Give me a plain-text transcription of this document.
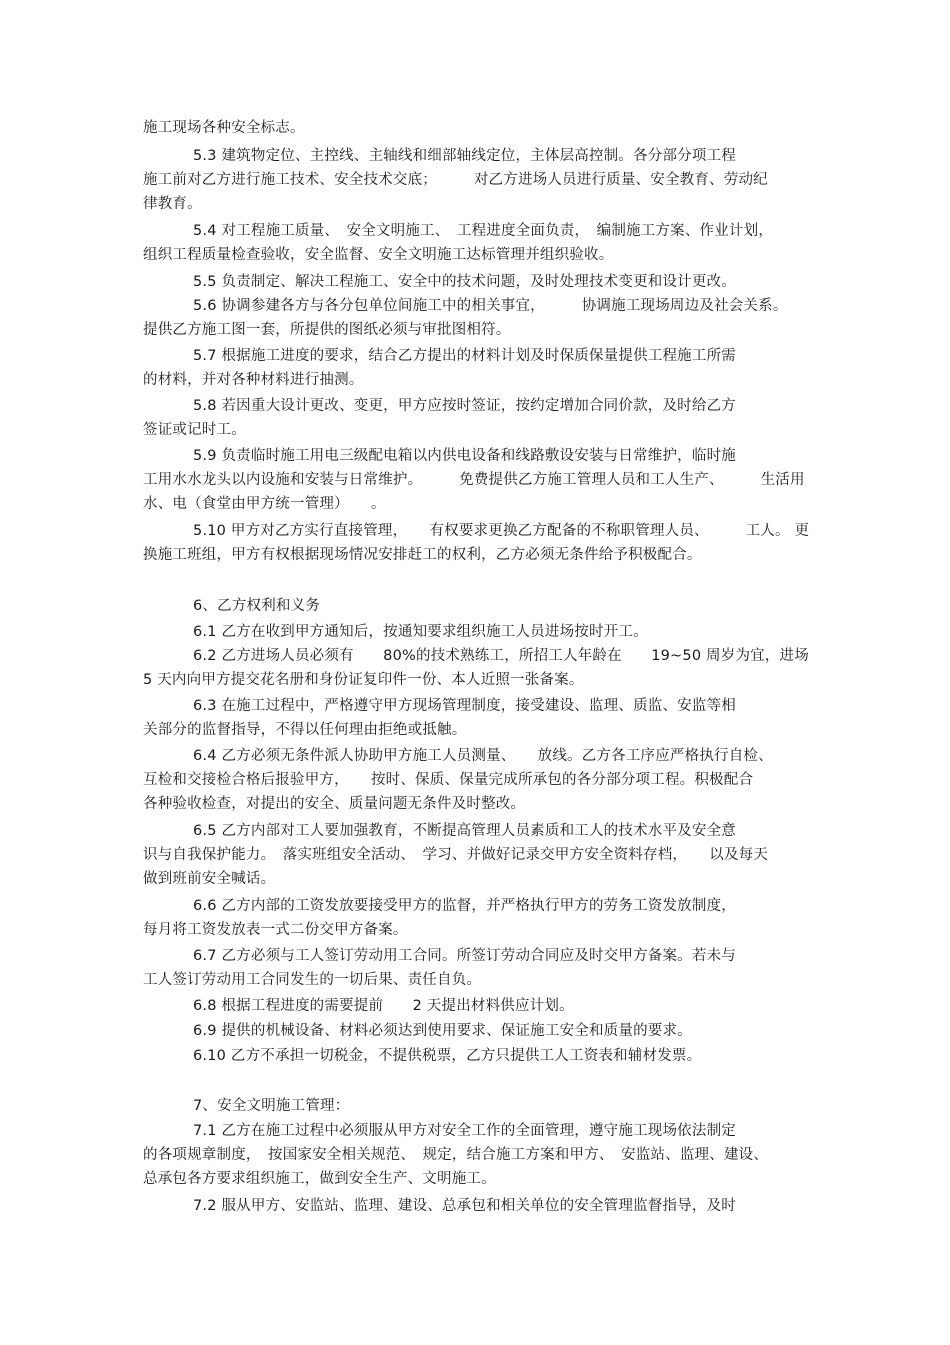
施工现场各种安全标志。
5.3 建筑物定位、主控线、主轴线和细部轴线定位，主体层高控制。各分部分项工程
施工前对乙方进行施工技术、安全技术交底；　　　对乙方进场人员进行质量、安全教育、劳动纪
律教育。
5.4 对工程施工质量、　安全文明施工、　工程进度全面负责，　编制施工方案、作业计划，
组织工程质量检查验收，安全监督、安全文明施工达标管理并组织验收。
5.5 负责制定、解决工程施工、安全中的技术问题，及时处理技术变更和设计更改。
5.6 协调参建各方与各分包单位间施工中的相关事宜，　　　协调施工现场周边及社会关系。
提供乙方施工图一套，所提供的图纸必须与审批图相符。
5.7 根据施工进度的要求，结合乙方提出的材料计划及时保质保量提供工程施工所需
的材料，并对各种材料进行抽测。
5.8 若因重大设计更改、变更，甲方应按时签证，按约定增加合同价款，及时给乙方
签证或记时工。
5.9 负责临时施工用电三级配电箱以内供电设备和线路敷设安装与日常维护，临时施
工用水水龙头以内设施和安装与日常维护。　　　免费提供乙方施工管理人员和工人生产、　　　生活用
水、电（食堂由甲方统一管理）　　。
5.10 甲方对乙方实行直接管理，　　有权要求更换乙方配备的不称职管理人员、　　　工人。 更
换施工班组，甲方有权根据现场情况安排赶工的权利，乙方必须无条件给予积极配合。
6、乙方权利和义务
6.1 乙方在收到甲方通知后，按通知要求组织施工人员进场按时开工。
6.2 乙方进场人员必须有　　80%的技术熟练工，所招工人年龄在　　19~50 周岁为宜，进场
5 天内向甲方提交花名册和身份证复印件一份、本人近照一张备案。
6.3 在施工过程中，严格遵守甲方现场管理制度，接受建设、监理、质监、安监等相
关部分的监督指导，不得以任何理由拒绝或抵触。
6.4 乙方必须无条件派人协助甲方施工人员测量、　　放线。乙方各工序应严格执行自检、
互检和交接检合格后报验甲方，　　按时、保质、保量完成所承包的各分部分项工程。积极配合
各种验收检查，对提出的安全、质量问题无条件及时整改。
6.5 乙方内部对工人要加强教育，不断提高管理人员素质和工人的技术水平及安全意
识与自我保护能力。　落实班组安全活动、　学习、并做好记录交甲方安全资料存档，　　以及每天
做到班前安全喊话。
6.6 乙方内部的工资发放要接受甲方的监督，并严格执行甲方的劳务工资发放制度，
每月将工资发放表一式二份交甲方备案。
6.7 乙方必须与工人签订劳动用工合同。所签订劳动合同应及时交甲方备案。若未与
工人签订劳动用工合同发生的一切后果、责任自负。
6.8 根据工程进度的需要提前　　2 天提出材料供应计划。
6.9 提供的机械设备、材料必须达到使用要求、保证施工安全和质量的要求。
6.10 乙方不承担一切税金，不提供税票，乙方只提供工人工资表和辅材发票。
7、安全文明施工管理：
7.1 乙方在施工过程中必须服从甲方对安全工作的全面管理，遵守施工现场依法制定
的各项规章制度，　按国家安全相关规范、　规定，结合施工方案和甲方、　安监站、监理、建设、
总承包各方要求组织施工，做到安全生产、文明施工。
7.2 服从甲方、安监站、监理、建设、总承包和相关单位的安全管理监督指导，及时
